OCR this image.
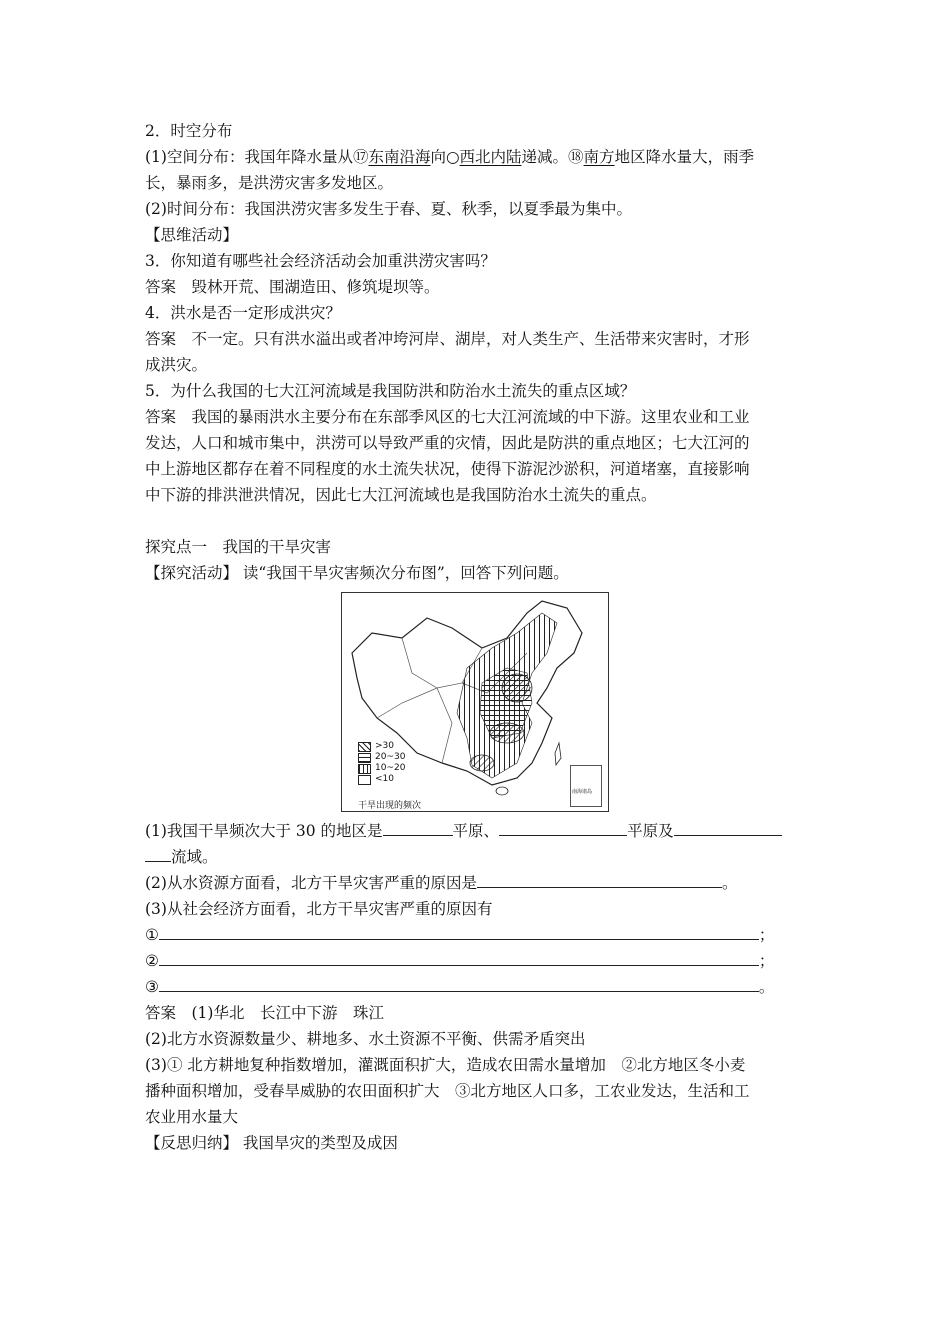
2．时空分布
(1)空间分布：我国年降水量从⑰东南沿海向○西北内陆递减。⑱南方地区降水量大，雨季
长，暴雨多，是洪涝灾害多发地区。
(2)时间分布：我国洪涝灾害多发生于春、夏、秋季，以夏季最为集中。
【思维活动】
3．你知道有哪些社会经济活动会加重洪涝灾害吗？
答案　毁林开荒、围湖造田、修筑堤坝等。
4．洪水是否一定形成洪灾？
答案　不一定。只有洪水溢出或者冲垮河岸、湖岸，对人类生产、生活带来灾害时，才形
成洪灾。
5．为什么我国的七大江河流域是我国防洪和防治水土流失的重点区域？
答案　我国的暴雨洪水主要分布在东部季风区的七大江河流域的中下游。这里农业和工业
发达，人口和城市集中，洪涝可以导致严重的灾情，因此是防洪的重点地区；七大江河的
中上游地区都存在着不同程度的水土流失状况，使得下游泥沙淤积，河道堵塞，直接影响
中下游的排洪泄洪情况，因此七大江河流域也是我国防治水土流失的重点。
探究点一　我国的干旱灾害
【探究活动】 读“我国干旱灾害频次分布图”，回答下列问题。
>30
20~30
10~20
<10
干旱出现的频次
南海诸岛
(1)我国干旱频次大于 30 的地区是	平原、	平原及
流域。
(2)从水资源方面看，北方干旱灾害严重的原因是	。
(3)从社会经济方面看，北方干旱灾害严重的原因有
①	；
②	；
③	。
答案　(1)华北　长江中下游　珠江
(2)北方水资源数量少、耕地多、水土资源不平衡、供需矛盾突出
(3)① 北方耕地复种指数增加，灌溉面积扩大，造成农田需水量增加　②北方地区冬小麦
播种面积增加，受春旱威胁的农田面积扩大　③北方地区人口多，工农业发达，生活和工
农业用水量大
【反思归纳】 我国旱灾的类型及成因
